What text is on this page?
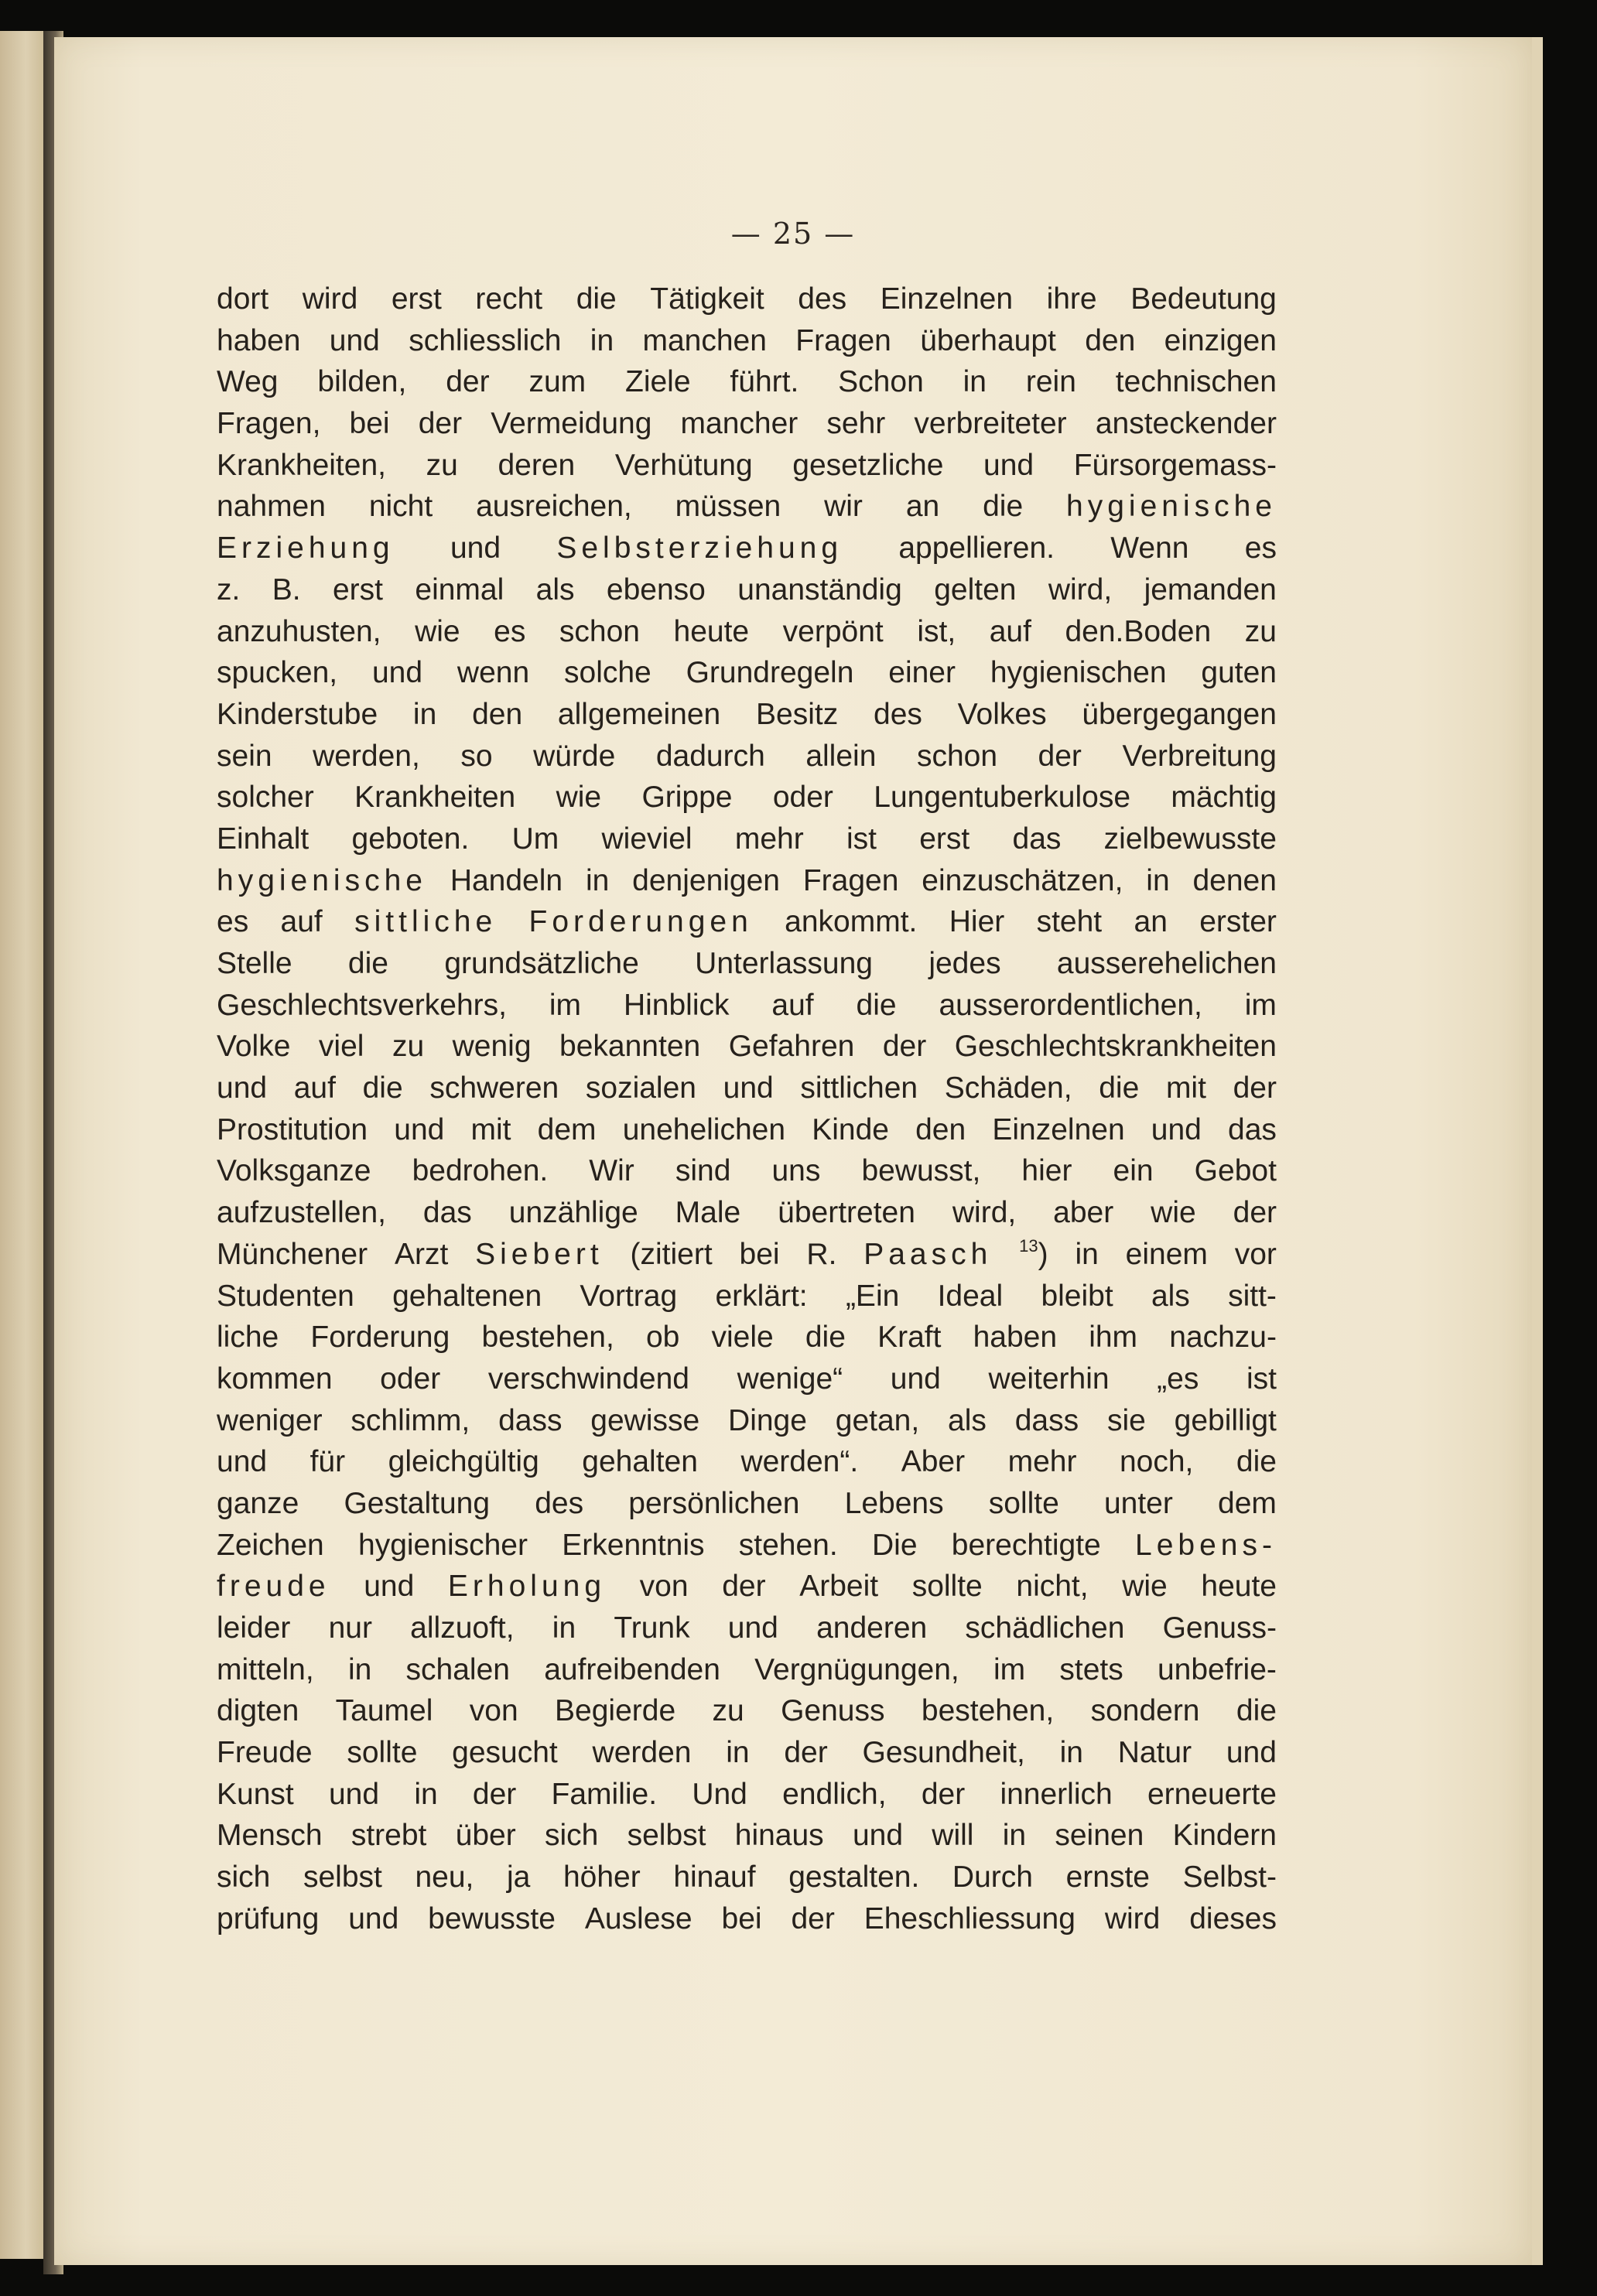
— 25 —
dort wird erst recht die Tätigkeit des Einzelnen ihre Bedeutung
haben und schliesslich in manchen Fragen überhaupt den einzigen
Weg bilden, der zum Ziele führt. Schon in rein technischen
Fragen, bei der Vermeidung mancher sehr verbreiteter ansteckender
Krankheiten, zu deren Verhütung gesetzliche und Fürsorgemass-
nahmen nicht ausreichen, müssen wir an die hygienische
Erziehung und Selbsterziehung appellieren. Wenn es
z. B. erst einmal als ebenso unanständig gelten wird, jemanden
anzuhusten, wie es schon heute verpönt ist, auf den.Boden zu
spucken, und wenn solche Grundregeln einer hygienischen guten
Kinderstube in den allgemeinen Besitz des Volkes übergegangen
sein werden, so würde dadurch allein schon der Verbreitung
solcher Krankheiten wie Grippe oder Lungentuberkulose mächtig
Einhalt geboten. Um wieviel mehr ist erst das zielbewusste
hygienische Handeln in denjenigen Fragen einzuschätzen, in denen
es auf sittliche Forderungen ankommt. Hier steht an erster
Stelle die grundsätzliche Unterlassung jedes ausserehelichen
Geschlechtsverkehrs, im Hinblick auf die ausserordentlichen, im
Volke viel zu wenig bekannten Gefahren der Geschlechtskrankheiten
und auf die schweren sozialen und sittlichen Schäden, die mit der
Prostitution und mit dem unehelichen Kinde den Einzelnen und das
Volksganze bedrohen. Wir sind uns bewusst, hier ein Gebot
aufzustellen, das unzählige Male übertreten wird, aber wie der
Münchener Arzt Siebert (zitiert bei R. Paasch $^{13}$) in einem vor
Studenten gehaltenen Vortrag erklärt: „Ein Ideal bleibt als sitt-
liche Forderung bestehen, ob viele die Kraft haben ihm nachzu-
kommen oder verschwindend wenige“ und weiterhin „es ist
weniger schlimm, dass gewisse Dinge getan, als dass sie gebilligt
und für gleichgültig gehalten werden“. Aber mehr noch, die
ganze Gestaltung des persönlichen Lebens sollte unter dem
Zeichen hygienischer Erkenntnis stehen. Die berechtigte Lebens-
freude und Erholung von der Arbeit sollte nicht, wie heute
leider nur allzuoft, in Trunk und anderen schädlichen Genuss-
mitteln, in schalen aufreibenden Vergnügungen, im stets unbefrie-
digten Taumel von Begierde zu Genuss bestehen, sondern die
Freude sollte gesucht werden in der Gesundheit, in Natur und
Kunst und in der Familie. Und endlich, der innerlich erneuerte
Mensch strebt über sich selbst hinaus und will in seinen Kindern
sich selbst neu, ja höher hinauf gestalten. Durch ernste Selbst-
prüfung und bewusste Auslese bei der Eheschliessung wird dieses
